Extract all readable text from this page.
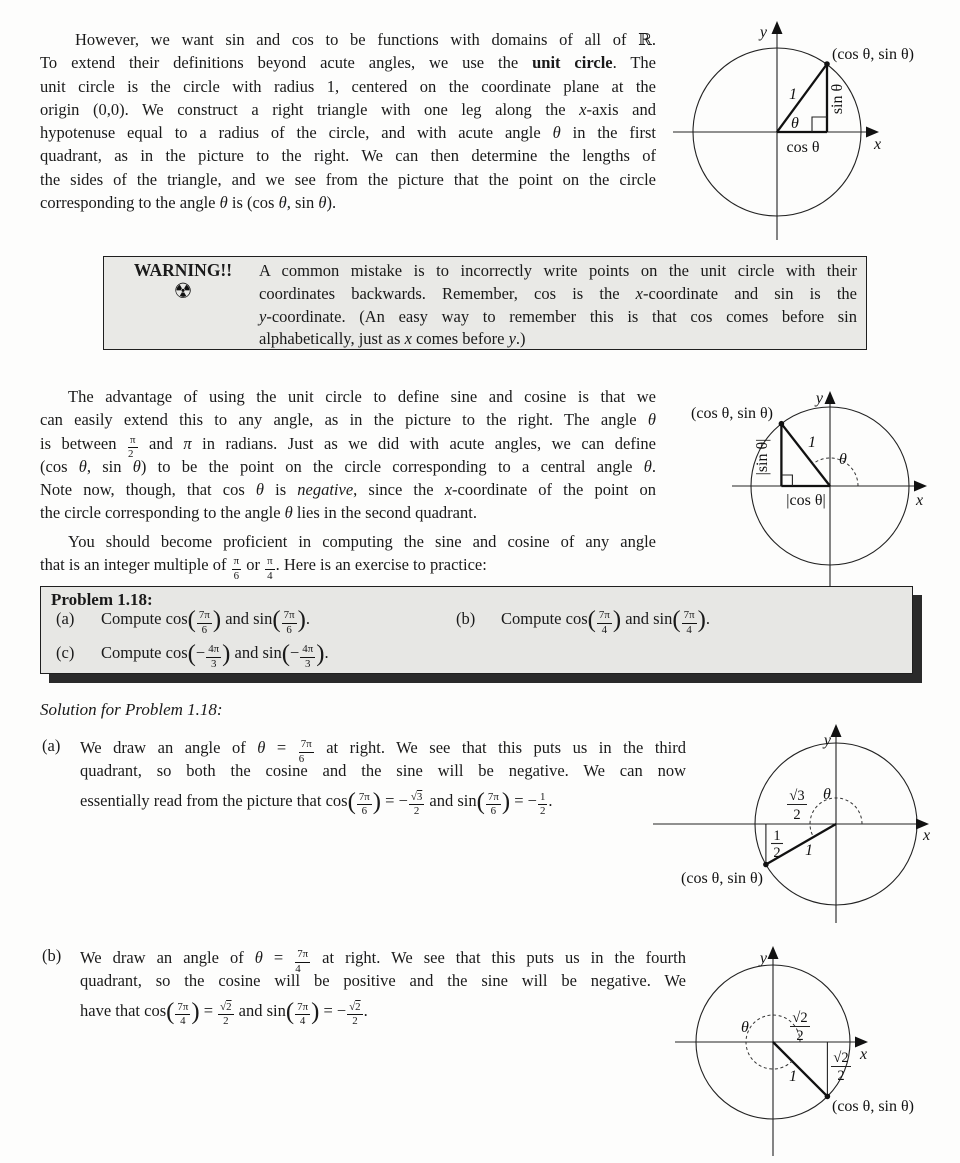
However, we want sin and cos to be functions with domains of all of ℝ.
To extend their definitions beyond acute angles, we use the unit circle. The
unit circle is the circle with radius 1, centered on the coordinate plane at the
origin (0,0). We construct a right triangle with one leg along the x-axis and
hypotenuse equal to a radius of the circle, and with acute angle θ in the first
quadrant, as in the picture to the right. We can then determine the lengths of
the sides of the triangle, and we see from the picture that the point on the circle
corresponding to the angle θ is (cos θ, sin θ).
y
x
(cos θ, sin θ)
1
θ
sin θ
cos θ
WARNING!!
☢
A common mistake is to incorrectly write points on the unit circle with their
coordinates backwards. Remember, cos is the x-coordinate and sin is the
y-coordinate. (An easy way to remember this is that cos comes before sin
alphabetically, just as x comes before y.)
The advantage of using the unit circle to define sine and cosine is that we
can easily extend this to any angle, as in the picture to the right. The angle θ
is between $\frac{\pi}{2}$ and π in radians. Just as we did with acute angles, we can define
(cos θ, sin θ) to be the point on the circle corresponding to a central angle θ.
Note now, though, that cos θ is negative, since the x-coordinate of the point on
the circle corresponding to the angle θ lies in the second quadrant.
(cos θ, sin θ)
1
θ
|sin θ|
|cos θ|
y
x
You should become proficient in computing the sine and cosine of any angle
that is an integer multiple of $\frac{\pi}{6}$ or $\frac{\pi}{4}$ . Here is an exercise to practice:
Problem 1.18:
(a) Compute $\cos( \frac{7\pi}{6}$ ) and $\sin( \frac{7\pi}{6}$ ).	(b) Compute $\cos( \frac{7\pi}{4}$ ) and $\sin( \frac{7\pi}{4}$ ).
(c) Compute $\cos(- \frac{4\pi}{3}$ ) and $\sin(- \frac{4\pi}{3}$ ).
Solution for Problem 1.18:
(a)	We draw an angle of $\theta = \frac{7\pi}{6}$ at right. We see that this puts us in the third
quadrant, so both the cosine and the sine will be negative. We can now
essentially read from the picture that $\cos( \frac{7\pi}{6}$ ) = − $\frac{√3}{2}$ and $\sin( \frac{7\pi}{6}$ ) = − $\frac{1}{2}$ .	√3
2
1
2
θ
1
(cos θ, sin θ)
y
x
(b)	We draw an angle of $\theta = \frac{7\pi}{4}$ at right. We see that this puts us in the fourth
quadrant, so the cosine will be positive and the sine will be negative. We
have that $\cos( \frac{7\pi}{4}$ ) = $\frac{√2}{2}$ and $\sin( \frac{7\pi}{4}$ ) = − $\frac{√2}{2}$ .	√2
2
√2
2
θ
1
(cos θ, sin θ)
y
x
